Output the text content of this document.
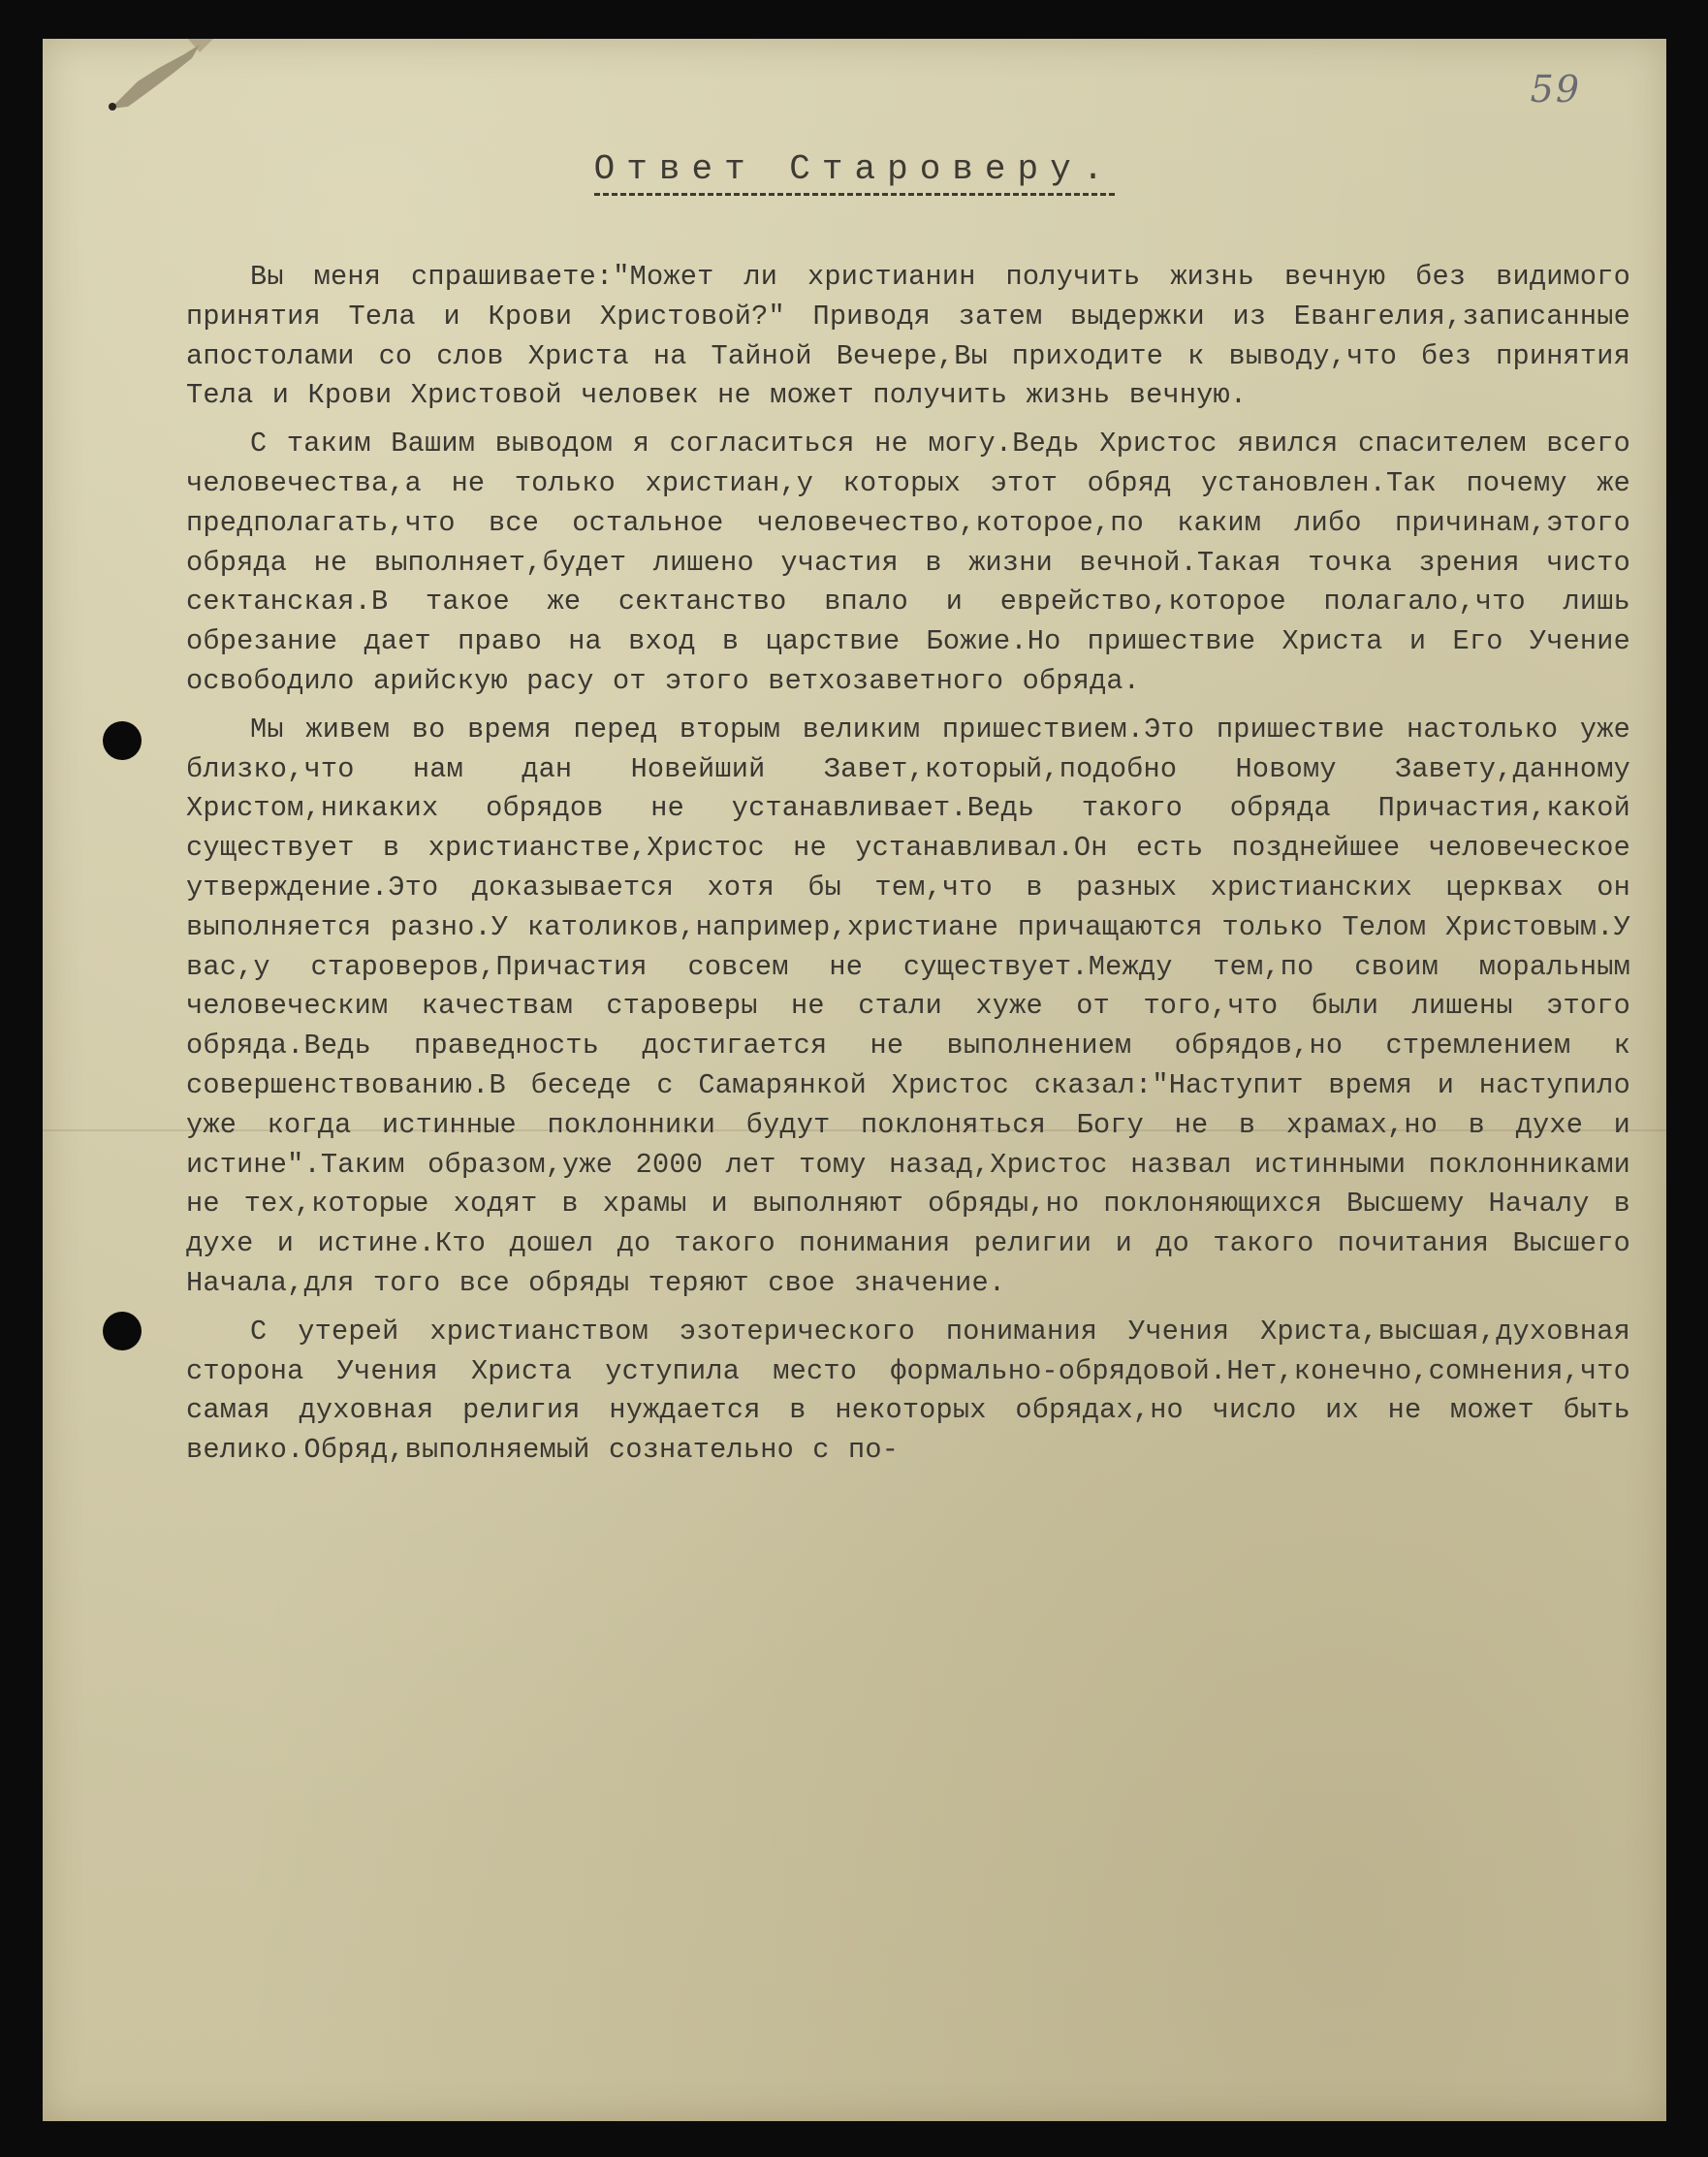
59
Ответ Староверу.

Вы меня спрашиваете:"Может ли христианин получить жизнь вечную без видимого принятия Тела и Крови Христовой?" Приводя затем выдержки из Евангелия,записанные апостолами со слов Христа на Тайной Вечере,Вы приходите к выводу,что без принятия Тела и Крови Христовой человек не может получить жизнь вечную.

С таким Вашим выводом я согласиться не могу.Ведь Христос явился спасителем всего человечества,а не только христиан,у которых этот обряд установлен.Так почему же предполагать,что все остальное человечество,которое,по каким либо причинам,этого обряда не выполняет,будет лишено участия в жизни вечной.Такая точка зрения чисто сектанская.В такое же сектанство впало и еврейство,которое полагало,что лишь обрезание дает право на вход в царствие Божие.Но пришествие Христа и Его Учение освободило арийскую расу от этого ветхозаветного обряда.

Мы живем во время перед вторым великим пришествием.Это пришествие настолько уже близко,что нам дан Новейший Завет,который,подобно Новому Завету,данному Христом,никаких обрядов не устанавливает.Ведь такого обряда Причастия,какой существует в христианстве,Христос не устанавливал.Он есть позднейшее человеческое утверждение.Это доказывается хотя бы тем,что в разных христианских церквах он выполняется разно.У католиков,например,христиане причащаются только Телом Христовым.У вас,у староверов,Причастия совсем не существует.Между тем,по своим моральным человеческим качествам староверы не стали хуже от того,что были лишены этого обряда.Ведь праведность достигается не выполнением обрядов,но стремлением к совершенствованию.В беседе с Самарянкой Христос сказал:"Наступит время и наступило уже когда истинные поклонники будут поклоняться Богу не в храмах,но в духе и истине".Таким образом,уже 2000 лет тому назад,Христос назвал истинными поклонниками не тех,которые ходят в храмы и выполняют обряды,но поклоняющихся Высшему Началу в духе и истине.Кто дошел до такого понимания религии и до такого почитания Высшего Начала,для того все обряды теряют свое значение.

С утерей христианством эзотерического понимания Учения Христа,высшая,духовная сторона Учения Христа уступила место формально-обрядовой.Нет,конечно,сомнения,что самая духовная религия нуждается в некоторых обрядах,но число их не может быть велико.Обряд,выполняемый сознательно с по-
